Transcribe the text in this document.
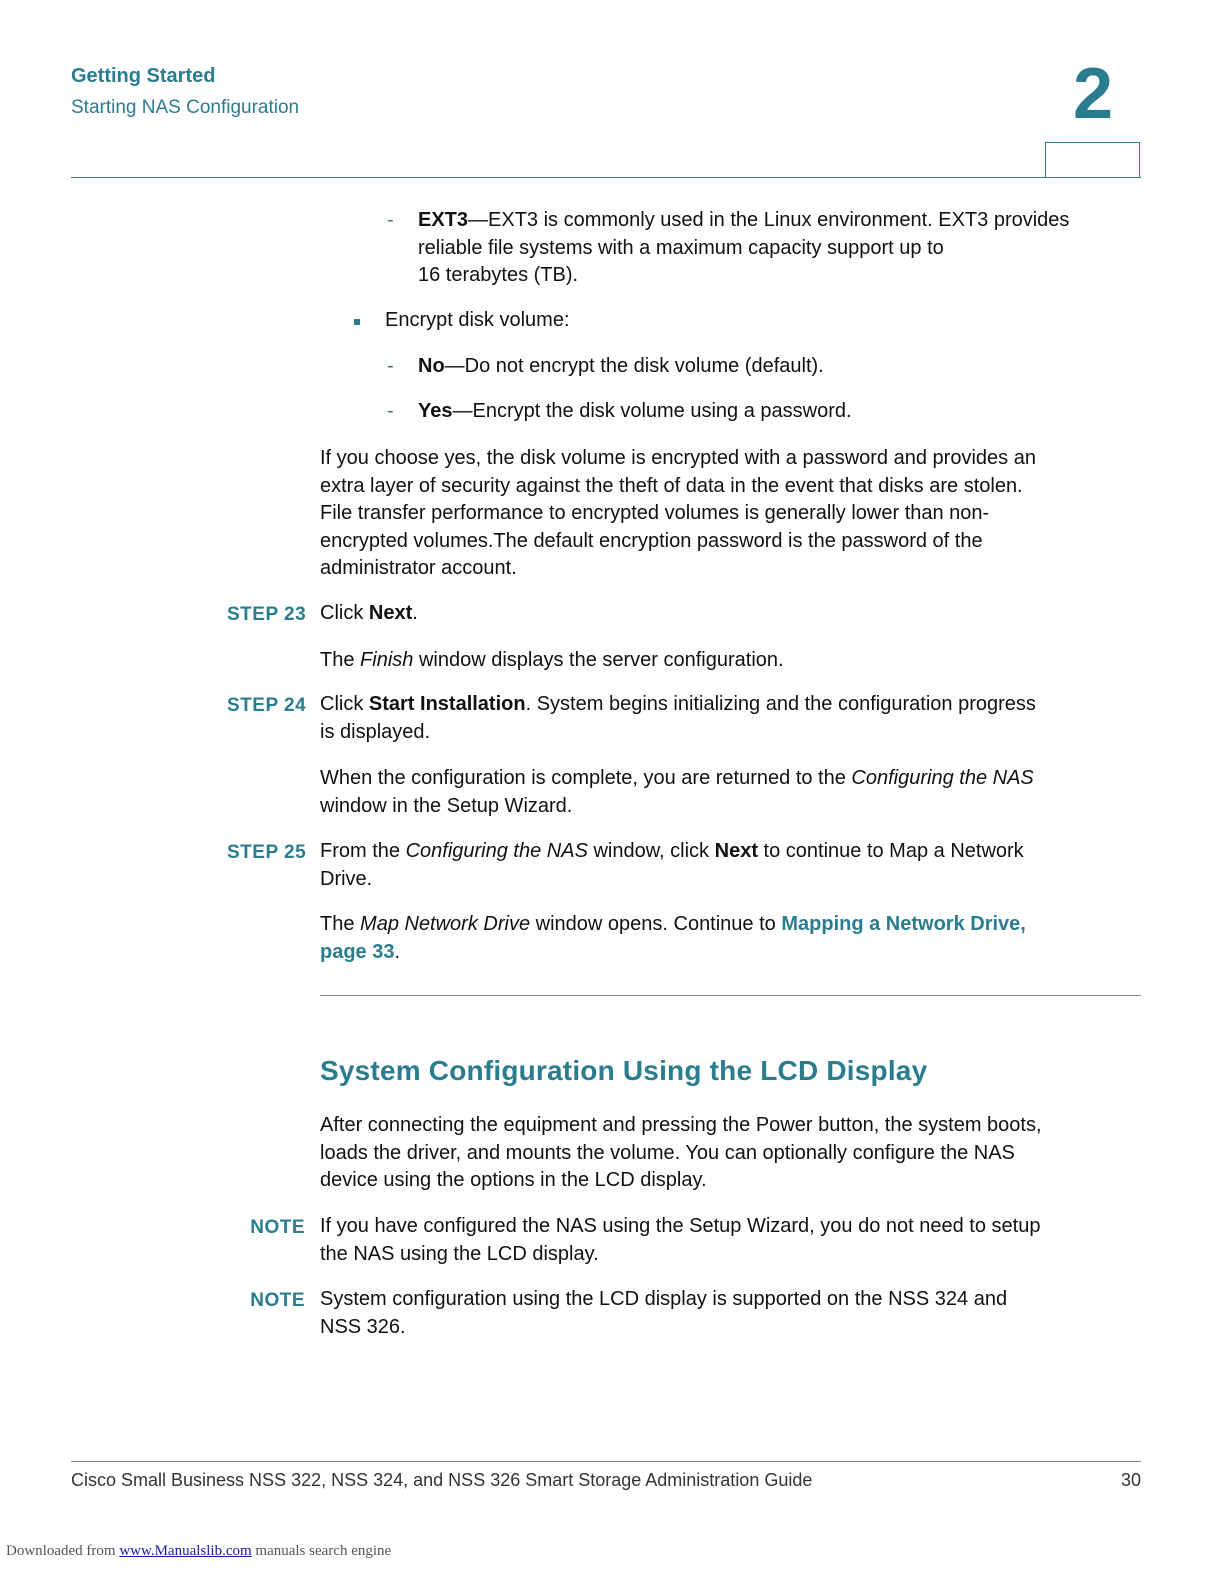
Getting Started
Starting NAS Configuration	2
- EXT3—EXT3 is commonly used in the Linux environment. EXT3 provides
reliable file systems with a maximum capacity support up to
16 terabytes (TB).
Encrypt disk volume:
- No—Do not encrypt the disk volume (default).
- Yes—Encrypt the disk volume using a password.
If you choose yes, the disk volume is encrypted with a password and provides an
extra layer of security against the theft of data in the event that disks are stolen.
File transfer performance to encrypted volumes is generally lower than non-
encrypted volumes.The default encryption password is the password of the
administrator account.
STEP 23 Click Next.
The Finish window displays the server configuration.
STEP 24 Click Start Installation. System begins initializing and the configuration progress
is displayed.
When the configuration is complete, you are returned to the Configuring the NAS
window in the Setup Wizard.
STEP 25 From the Configuring the NAS window, click Next to continue to Map a Network
Drive.
The Map Network Drive window opens. Continue to Mapping a Network Drive,
page 33.
System Configuration Using the LCD Display
After connecting the equipment and pressing the Power button, the system boots,
loads the driver, and mounts the volume. You can optionally configure the NAS
device using the options in the LCD display.
NOTE If you have configured the NAS using the Setup Wizard, you do not need to setup
the NAS using the LCD display.
NOTE System configuration using the LCD display is supported on the NSS 324 and
NSS 326.
Cisco Small Business NSS 322, NSS 324, and NSS 326 Smart Storage Administration Guide	30
Downloaded from www.Manualslib.com manuals search engine
